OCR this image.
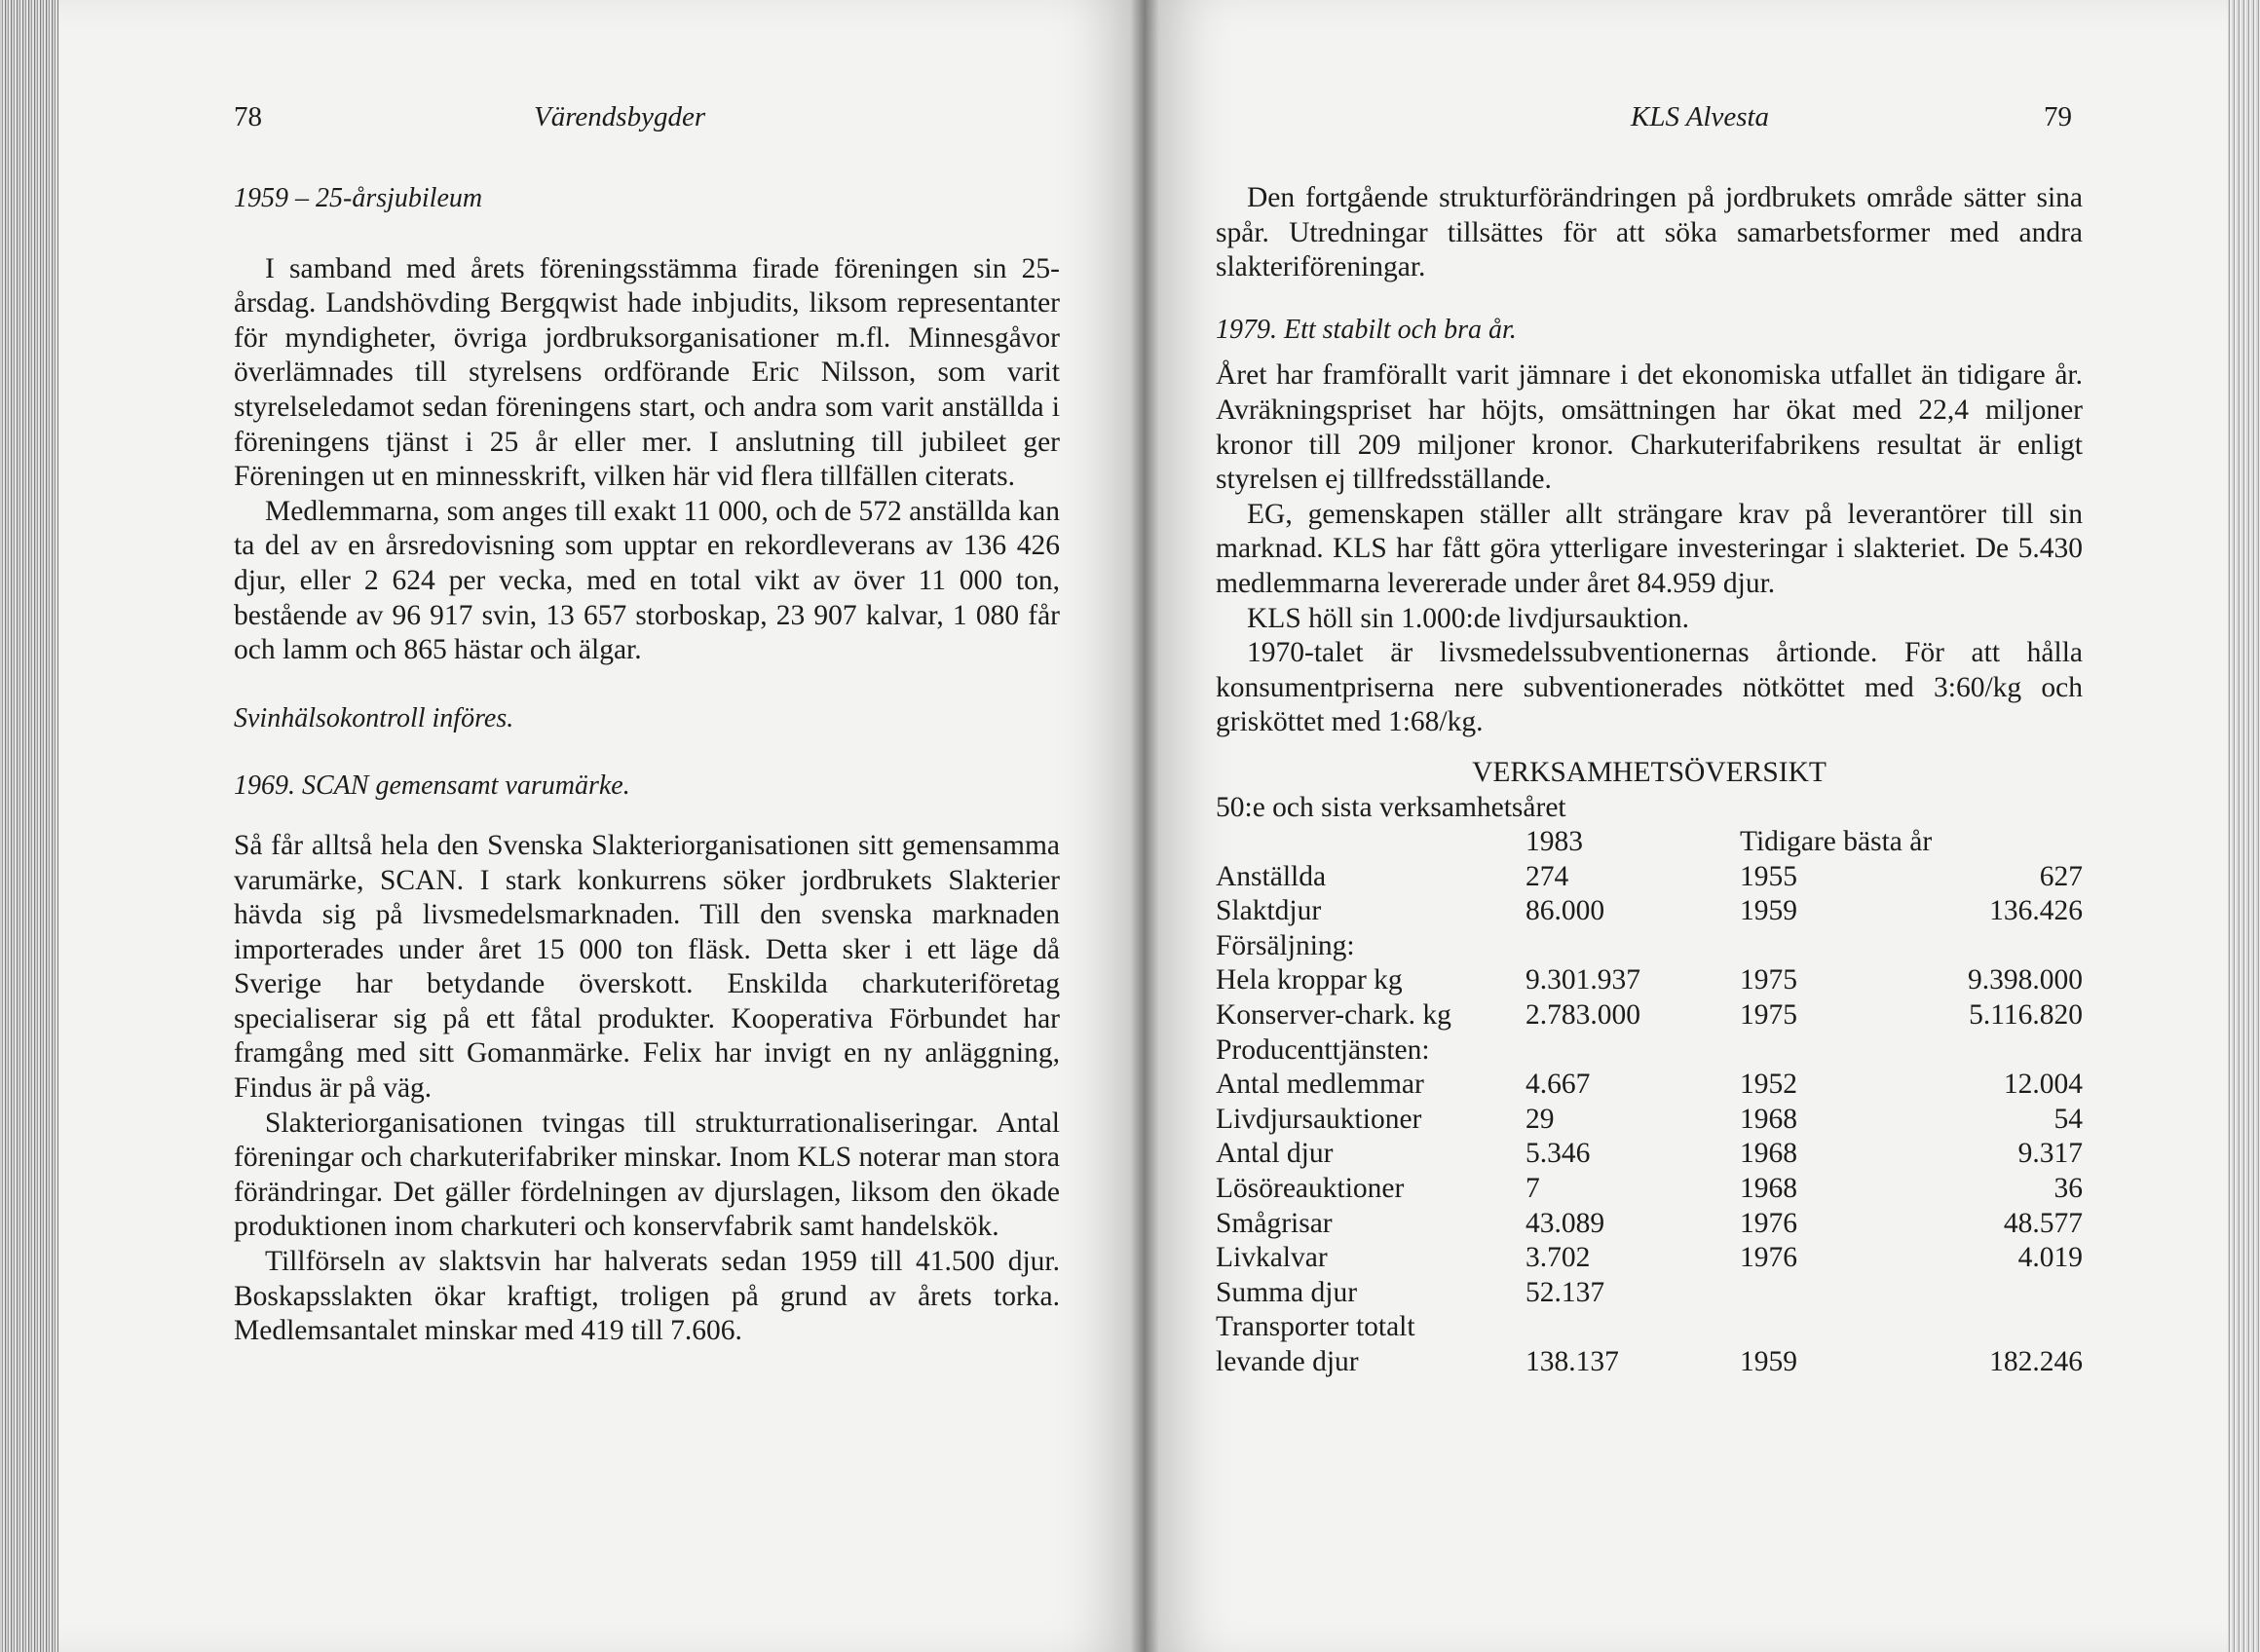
78	Värendsbygder
1959 – 25-årsjubileum

I samband med årets föreningsstämma firade föreningen sin 25-årsdag. Landshövding Bergqwist hade inbjudits, liksom representanter för myndigheter, övriga jordbruksorganisationer m.fl. Minnesgåvor överlämnades till styrelsens ordförande Eric Nilsson, som varit styrelseledamot sedan föreningens start, och andra som varit anställda i föreningens tjänst i 25 år eller mer. I anslutning till jubileet ger Föreningen ut en minnesskrift, vilken här vid flera tillfällen citerats.

Medlemmarna, som anges till exakt 11 000, och de 572 anställda kan ta del av en årsredovisning som upptar en rekordleverans av 136 426 djur, eller 2 624 per vecka, med en total vikt av över 11 000 ton, bestående av 96 917 svin, 13 657 storboskap, 23 907 kalvar, 1 080 får och lamm och 865 hästar och älgar.

Svinhälsokontroll införes.
1969. SCAN gemensamt varumärke.

Så får alltså hela den Svenska Slakteriorganisationen sitt gemensamma varumärke, SCAN. I stark konkurrens söker jordbrukets Slakterier hävda sig på livsmedelsmarknaden. Till den svenska marknaden importerades under året 15 000 ton fläsk. Detta sker i ett läge då Sverige har betydande överskott. Enskilda charkuteriföretag specialiserar sig på ett fåtal produkter. Kooperativa Förbundet har framgång med sitt Gomanmärke. Felix har invigt en ny anläggning, Findus är på väg.

Slakteriorganisationen tvingas till strukturrationaliseringar. Antal föreningar och charkuterifabriker minskar. Inom KLS noterar man stora förändringar. Det gäller fördelningen av djurslagen, liksom den ökade produktionen inom charkuteri och konservfabrik samt handelskök.

Tillförseln av slaktsvin har halverats sedan 1959 till 41.500 djur. Boskapsslakten ökar kraftigt, troligen på grund av årets torka. Medlemsantalet minskar med 419 till 7.606.

KLS Alvesta	79

Den fortgående strukturförändringen på jordbrukets område sätter sina spår. Utredningar tillsättes för att söka samarbetsformer med andra slakteriföreningar.

1979. Ett stabilt och bra år.

Året har framförallt varit jämnare i det ekonomiska utfallet än tidigare år. Avräkningspriset har höjts, omsättningen har ökat med 22,4 miljoner kronor till 209 miljoner kronor. Charkuterifabrikens resultat är enligt styrelsen ej tillfredsställande.

EG, gemenskapen ställer allt strängare krav på leverantörer till sin marknad. KLS har fått göra ytterligare investeringar i slakteriet. De 5.430 medlemmarna levererade under året 84.959 djur.

KLS höll sin 1.000:de livdjursauktion.

1970-talet är livsmedelssubventionernas årtionde. För att hålla konsumentpriserna nere subventionerades nötköttet med 3:60/kg och grisköttet med 1:68/kg.

VERKSAMHETSÖVERSIKT
50:e och sista verksamhetsåret			
	1983	Tidigare bästa år	
Anställda	274	1955	627
Slaktdjur	86.000	1959	136.426
Försäljning:			
Hela kroppar kg	9.301.937	1975	9.398.000
Konserver-chark. kg	2.783.000	1975	5.116.820
Producenttjänsten:			
Antal medlemmar	4.667	1952	12.004
Livdjursauktioner	29	1968	54
Antal djur	5.346	1968	9.317
Lösöreauktioner	7	1968	36
Smågrisar	43.089	1976	48.577
Livkalvar	3.702	1976	4.019
Summa djur	52.137		
Transporter totalt			
levande djur	138.137	1959	182.246
